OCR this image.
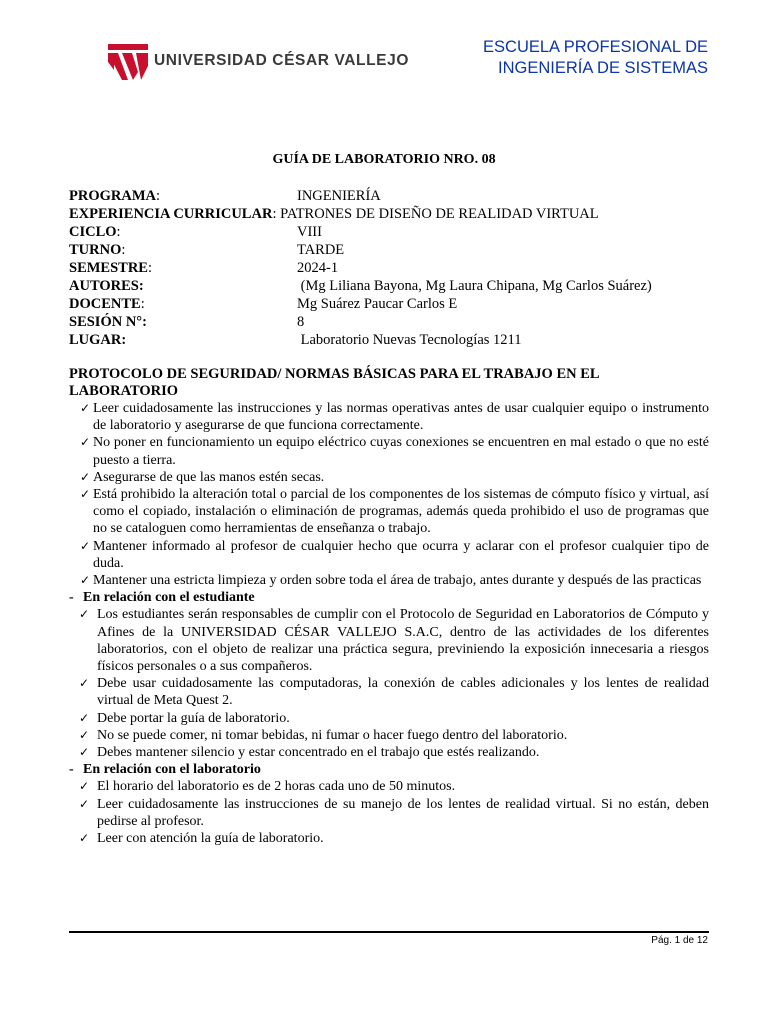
UNIVERSIDAD CÉSAR VALLEJO
ESCUELA PROFESIONAL DE
INGENIERÍA DE SISTEMAS
GUÍA DE LABORATORIO NRO. 08
PROGRAMA:	INGENIERÍA
EXPERIENCIA CURRICULAR: PATRONES DE DISEÑO DE REALIDAD VIRTUAL
CICLO:	VIII
TURNO:	TARDE
SEMESTRE:	2024-1
AUTORES:	(Mg Liliana Bayona, Mg Laura Chipana, Mg Carlos Suárez)
DOCENTE:	Mg Suárez Paucar Carlos E
SESIÓN N°:	8
LUGAR:	Laboratorio Nuevas Tecnologías 1211
PROTOCOLO DE SEGURIDAD/ NORMAS BÁSICAS PARA EL TRABAJO EN EL LABORATORIO
✓ Leer cuidadosamente las instrucciones y las normas operativas antes de usar cualquier equipo o instrumento de laboratorio y asegurarse de que funciona correctamente.
✓ No poner en funcionamiento un equipo eléctrico cuyas conexiones se encuentren en mal estado o que no esté puesto a tierra.
✓ Asegurarse de que las manos estén secas.
✓ Está prohibido la alteración total o parcial de los componentes de los sistemas de cómputo físico y virtual, así como el copiado, instalación o eliminación de programas, además queda prohibido el uso de programas que no se cataloguen como herramientas de enseñanza o trabajo.
✓ Mantener informado al profesor de cualquier hecho que ocurra y aclarar con el profesor cualquier tipo de duda.
✓ Mantener una estricta limpieza y orden sobre toda el área de trabajo, antes durante y después de las practicas
- En relación con el estudiante
✓ Los estudiantes serán responsables de cumplir con el Protocolo de Seguridad en Laboratorios de Cómputo y Afines de la UNIVERSIDAD CÉSAR VALLEJO S.A.C, dentro de las actividades de los diferentes laboratorios, con el objeto de realizar una práctica segura, previniendo la exposición innecesaria a riesgos físicos personales o a sus compañeros.
✓ Debe usar cuidadosamente las computadoras, la conexión de cables adicionales y los lentes de realidad virtual de Meta Quest 2.
✓ Debe portar la guía de laboratorio.
✓ No se puede comer, ni tomar bebidas, ni fumar o hacer fuego dentro del laboratorio.
✓ Debes mantener silencio y estar concentrado en el trabajo que estés realizando.
- En relación con el laboratorio
✓ El horario del laboratorio es de 2 horas cada uno de 50 minutos.
✓ Leer cuidadosamente las instrucciones de su manejo de los lentes de realidad virtual. Si no están, deben pedirse al profesor.
✓ Leer con atención la guía de laboratorio.
Pág. 1 de 12
